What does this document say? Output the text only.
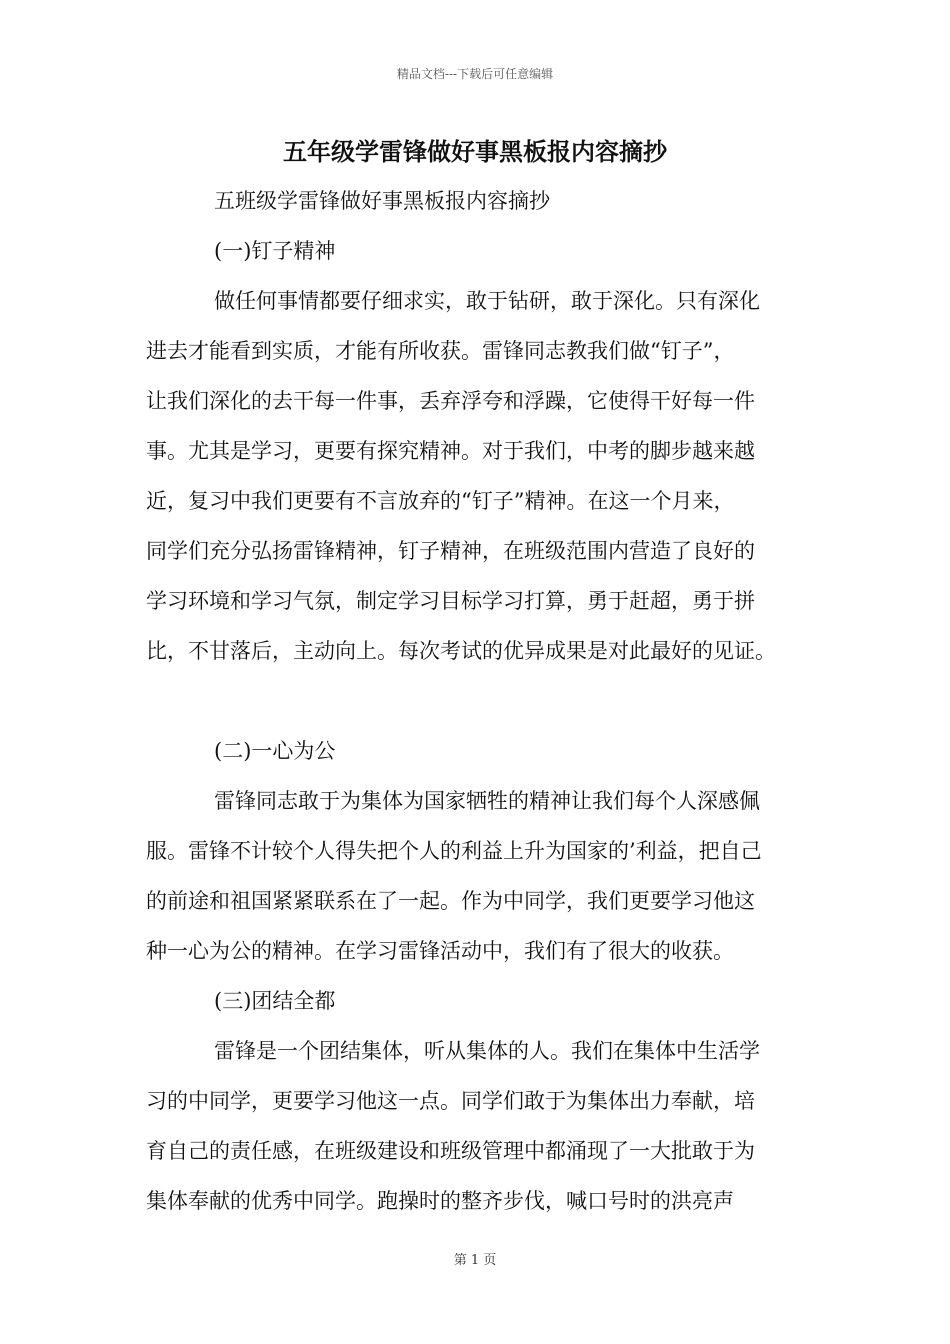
精品文档---下载后可任意编辑
五年级学雷锋做好事黑板报内容摘抄

五班级学雷锋做好事黑板报内容摘抄

(一)钉子精神

做任何事情都要仔细求实，敢于钻研，敢于深化。只有深化

进去才能看到实质，才能有所收获。雷锋同志教我们做“钉子”，

让我们深化的去干每一件事，丢弃浮夸和浮躁，它使得干好每一件

事。尤其是学习，更要有探究精神。对于我们，中考的脚步越来越

近，复习中我们更要有不言放弃的“钉子”精神。在这一个月来，

同学们充分弘扬雷锋精神，钉子精神，在班级范围内营造了良好的

学习环境和学习气氛，制定学习目标学习打算，勇于赶超，勇于拼

比，不甘落后，主动向上。每次考试的优异成果是对此最好的见证。

(二)一心为公

雷锋同志敢于为集体为国家牺牲的精神让我们每个人深感佩

服。雷锋不计较个人得失把个人的利益上升为国家的’利益，把自己

的前途和祖国紧紧联系在了一起。作为中同学，我们更要学习他这

种一心为公的精神。在学习雷锋活动中，我们有了很大的收获。

(三)团结全都

雷锋是一个团结集体，听从集体的人。我们在集体中生活学

习的中同学，更要学习他这一点。同学们敢于为集体出力奉献，培

育自己的责任感，在班级建设和班级管理中都涌现了一大批敢于为

集体奉献的优秀中同学。跑操时的整齐步伐，喊口号时的洪亮声

第 1 页
